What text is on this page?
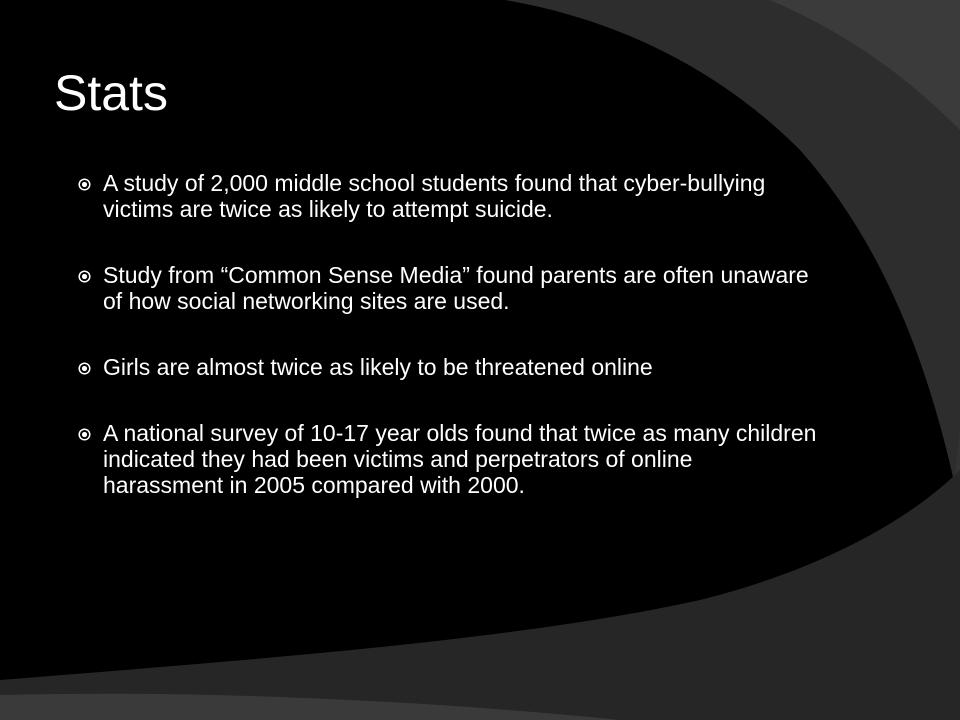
Stats
A study of 2,000 middle school students found that cyber-bullying victims are twice as likely to attempt suicide.
Study from “Common Sense Media” found parents are often unaware of how social networking sites are used.
Girls are almost twice as likely to be threatened online
A national survey of 10-17 year olds found that twice as many children indicated they had been victims and perpetrators of online harassment in 2005 compared with 2000.
